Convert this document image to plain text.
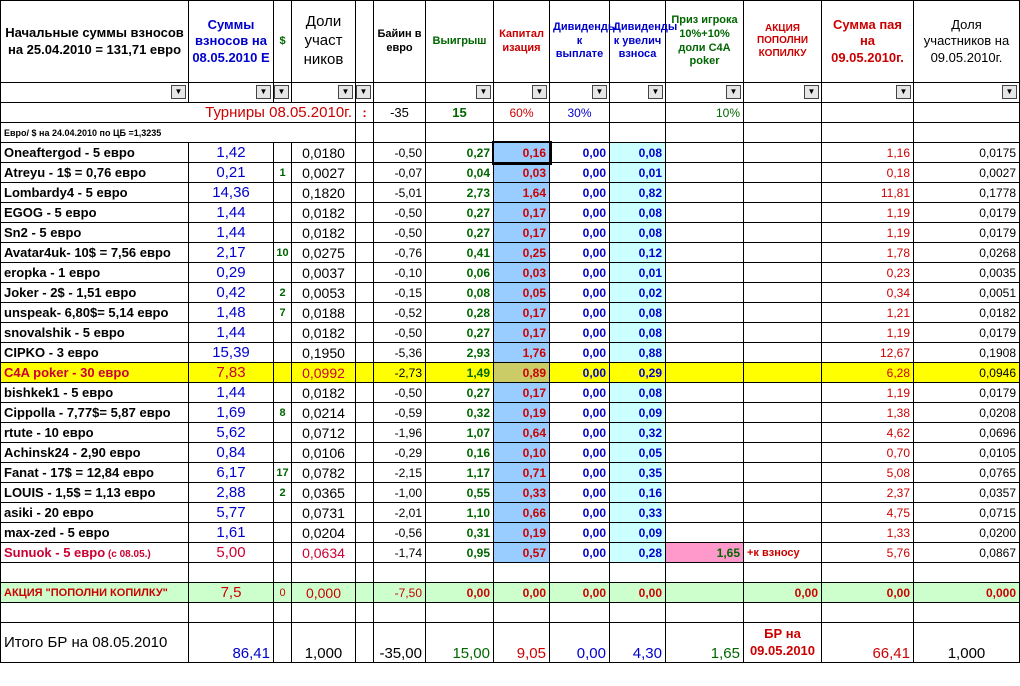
Начальные суммы взносов на 25.04.2010 = 131,71 евро	Суммы взносов на 08.05.2010 Е	$	Доли участ ников		Байин в евро	Выигрыш	Капитал изация	Дивиденды к выплате	Дивиденды к увелич взноса	Приз игрока 10%+10% доли С4А poker	АКЦИЯ ПОПОЛНИ КОПИЛКУ	Сумма пая на 09.05.2010г.	Доля участников на 09.05.2010г.

▼	▼	▼	▼	▼		▼	▼	▼	▼	▼	▼	▼	▼

Турниры 08.05.2010г.				:	-35	15	60%	30%		10%			
Евро/ $ на 24.04.2010 по ЦБ =1,3235													
Oneaftergod - 5 евро	1,42		0,0180		-0,50	0,27	0,16	0,00	0,08			1,16	0,0175
Atreyu - 1$ = 0,76 евро	0,21	1	0,0027		-0,07	0,04	0,03	0,00	0,01			0,18	0,0027
Lombardy4 - 5 евро	14,36		0,1820		-5,01	2,73	1,64	0,00	0,82			11,81	0,1778
EGOG - 5 евро	1,44		0,0182		-0,50	0,27	0,17	0,00	0,08			1,19	0,0179
Sn2 - 5 евро	1,44		0,0182		-0,50	0,27	0,17	0,00	0,08			1,19	0,0179
Avatar4uk- 10$ = 7,56 евро	2,17	10	0,0275		-0,76	0,41	0,25	0,00	0,12			1,78	0,0268
eropka - 1 евро	0,29		0,0037		-0,10	0,06	0,03	0,00	0,01			0,23	0,0035
Joker - 2$ - 1,51 евро	0,42	2	0,0053		-0,15	0,08	0,05	0,00	0,02			0,34	0,0051
unspeak- 6,80$= 5,14 евро	1,48	7	0,0188		-0,52	0,28	0,17	0,00	0,08			1,21	0,0182
snovalshik - 5 евро	1,44		0,0182		-0,50	0,27	0,17	0,00	0,08			1,19	0,0179
CIPKO - 3 евро	15,39		0,1950		-5,36	2,93	1,76	0,00	0,88			12,67	0,1908
C4A poker - 30 евро	7,83		0,0992		-2,73	1,49	0,89	0,00	0,29			6,28	0,0946
bishkek1 - 5 евро	1,44		0,0182		-0,50	0,27	0,17	0,00	0,08			1,19	0,0179
Cippolla - 7,77$= 5,87 евро	1,69	8	0,0214		-0,59	0,32	0,19	0,00	0,09			1,38	0,0208
rtute - 10 евро	5,62		0,0712		-1,96	1,07	0,64	0,00	0,32			4,62	0,0696
Achinsk24 - 2,90 евро	0,84		0,0106		-0,29	0,16	0,10	0,00	0,05			0,70	0,0105
Fanat - 17$ = 12,84 евро	6,17	17	0,0782		-2,15	1,17	0,71	0,00	0,35			5,08	0,0765
LOUIS - 1,5$ = 1,13 евро	2,88	2	0,0365		-1,00	0,55	0,33	0,00	0,16			2,37	0,0357
asiki - 20 евро	5,77		0,0731		-2,01	1,10	0,66	0,00	0,33			4,75	0,0715
max-zed - 5 евро	1,61		0,0204		-0,56	0,31	0,19	0,00	0,09			1,33	0,0200
Sunuok - 5 евро (с 08.05.)	5,00		0,0634		-1,74	0,95	0,57	0,00	0,28	1,65	+к взносу	5,76	0,0867

АКЦИЯ "ПОПОЛНИ КОПИЛКУ"	7,5	0	0,000		-7,50	0,00	0,00	0,00	0,00		0,00	0,00	0,000

Итого БР на 08.05.2010	86,41		1,000		-35,00	15,00	9,05	0,00	4,30	1,65	БР на 09.05.2010	66,41	1,000
